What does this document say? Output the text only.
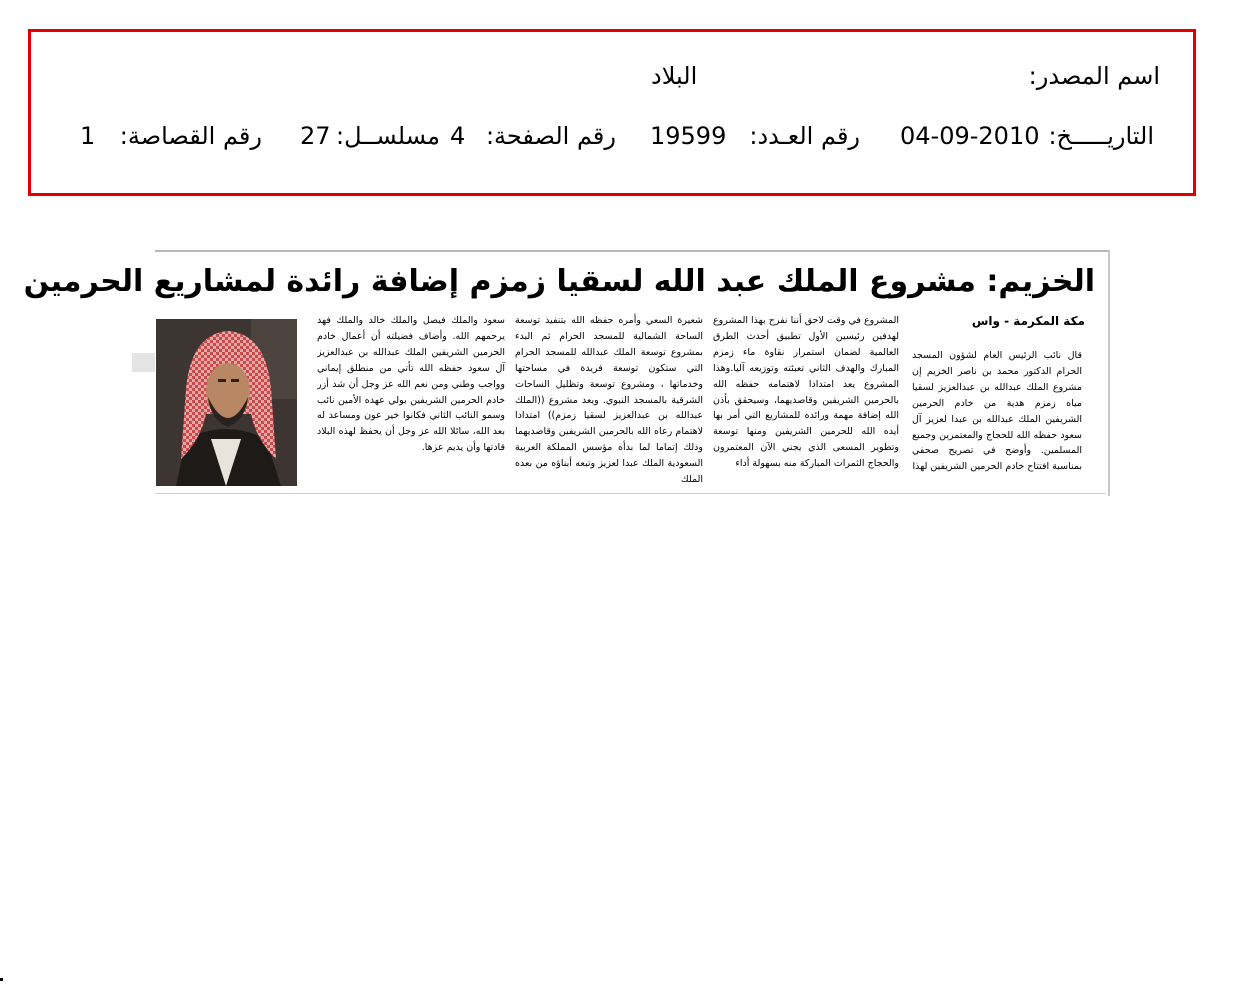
اسم المصدر:
البلاد
التاريـــــخ:
04-09-2010
رقم العـدد:
19599
رقم الصفحة:
4
مسلســل:
27
رقم القصاصة:
1
الخزيم: مشروع الملك عبد الله لسقيا زمزم إضافة رائدة لمشاريع الحرمين
مكة المكرمة - واس

قال نائب الرئيس العام لشؤون المسجد الحرام الدكتور محمد بن ناصر الخزيم إن مشروع الملك عبدالله بن عبدالعزيز لسقيا مياه زمزم هدية من خادم الحرمين الشريفين الملك عبدالله بن عبدا لعزيز آل سعود حفظه الله للحجاج والمعتمرين وجميع المسلمين. وأوضح في تصريح صحفي بمناسبة افتتاح خادم الحرمين الشريفين لهذا

المشروع في وقت لاحق أننا نفرح بهذا المشروع لهدفين رئيسين الأول تطبيق أحدث الطرق العالمية لضمان استمرار نقاوة ماء زمزم المبارك والهدف الثاني تعبئته وتوزيعه آليا.وهذا المشروع يعد امتدادا لاهتمامه حفظه الله بالحرمين الشريفين وقاصديهما، وسيحقق بأذن الله إضافة مهمة ورائده للمشاريع التي أمر بها أيده الله للحرمين الشريفين ومنها توسعة وتطوير المسعى الذي يجني الآن المعتمرون والحجاج الثمرات المباركة منه بسهولة أداء

شعيرة السعي وأمره حفظه الله بتنفيذ توسعة الساحة الشمالية للمسجد الحرام ثم البدء بمشروع توسعة الملك عبدالله للمسجد الحرام التي ستكون توسعة فريدة في مساحتها وخدماتها ، ومشروع توسعة وتظليل الساحات الشرقية بالمسجد النبوي. ويعد مشروع ((الملك عبدالله بن عبدالعزيز لسقيا زمزم)) امتدادا لاهتمام رعاه الله بالحرمين الشريفين وقاصديهما وذلك إتماما لما بدأه مؤسس المملكة العربية السعودية الملك عبدا لعزيز وتبعه أبناؤه من بعده الملك

سعود والملك فيصل والملك خالد والملك فهد يرحمهم الله. وأضاف فضيلته أن أعمال خادم الحرمين الشريفين الملك عبدالله بن عبدالعزيز آل سعود حفظه الله تأتي من منطلق إيماني وواجب وطني ومن نعم الله عز وجل أن شد أزر خادم الحرمين الشريفين بولي عهده الأمين نائب وسمو النائب الثاني فكانوا خير عون ومساعد له بعد الله، سائلا الله عز وجل أن يحفظ لهذه البلاد قادتها وأن يديم عزها.
